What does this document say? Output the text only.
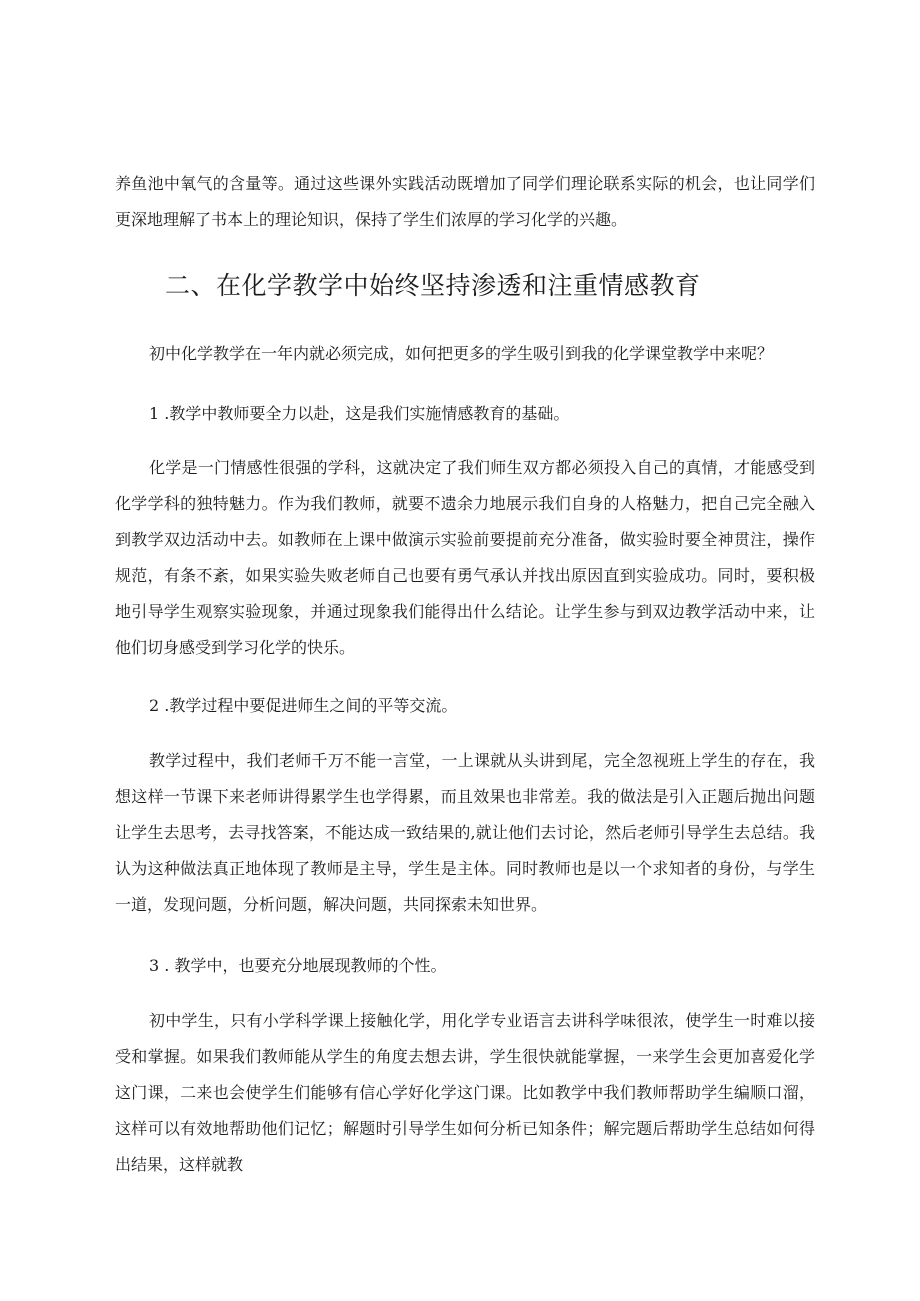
养鱼池中氧气的含量等。通过这些课外实践活动既增加了同学们理论联系实际的机会，也让同学们更深地理解了书本上的理论知识，保持了学生们浓厚的学习化学的兴趣。

二、在化学教学中始终坚持渗透和注重情感教育

初中化学教学在一年内就必须完成，如何把更多的学生吸引到我的化学课堂教学中来呢？

1 .教学中教师要全力以赴，这是我们实施情感教育的基础。

化学是一门情感性很强的学科，这就决定了我们师生双方都必须投入自己的真情，才能感受到化学学科的独特魅力。作为我们教师，就要不遗余力地展示我们自身的人格魅力，把自己完全融入到教学双边活动中去。如教师在上课中做演示实验前要提前充分准备，做实验时要全神贯注，操作规范，有条不紊，如果实验失败老师自己也要有勇气承认并找出原因直到实验成功。同时，要积极地引导学生观察实验现象，并通过现象我们能得出什么结论。让学生参与到双边教学活动中来，让他们切身感受到学习化学的快乐。

2 .教学过程中要促进师生之间的平等交流。

教学过程中，我们老师千万不能一言堂，一上课就从头讲到尾，完全忽视班上学生的存在，我想这样一节课下来老师讲得累学生也学得累，而且效果也非常差。我的做法是引入正题后抛出问题让学生去思考，去寻找答案，不能达成一致结果的,就让他们去讨论，然后老师引导学生去总结。我认为这种做法真正地体现了教师是主导，学生是主体。同时教师也是以一个求知者的身份，与学生一道，发现问题，分析问题，解决问题，共同探索未知世界。

3 . 教学中，也要充分地展现教师的个性。

初中学生，只有小学科学课上接触化学，用化学专业语言去讲科学味很浓，使学生一时难以接受和掌握。如果我们教师能从学生的角度去想去讲，学生很快就能掌握，一来学生会更加喜爱化学这门课，二来也会使学生们能够有信心学好化学这门课。比如教学中我们教师帮助学生编顺口溜，这样可以有效地帮助他们记忆；解题时引导学生如何分析已知条件；解完题后帮助学生总结如何得出结果，这样就教
